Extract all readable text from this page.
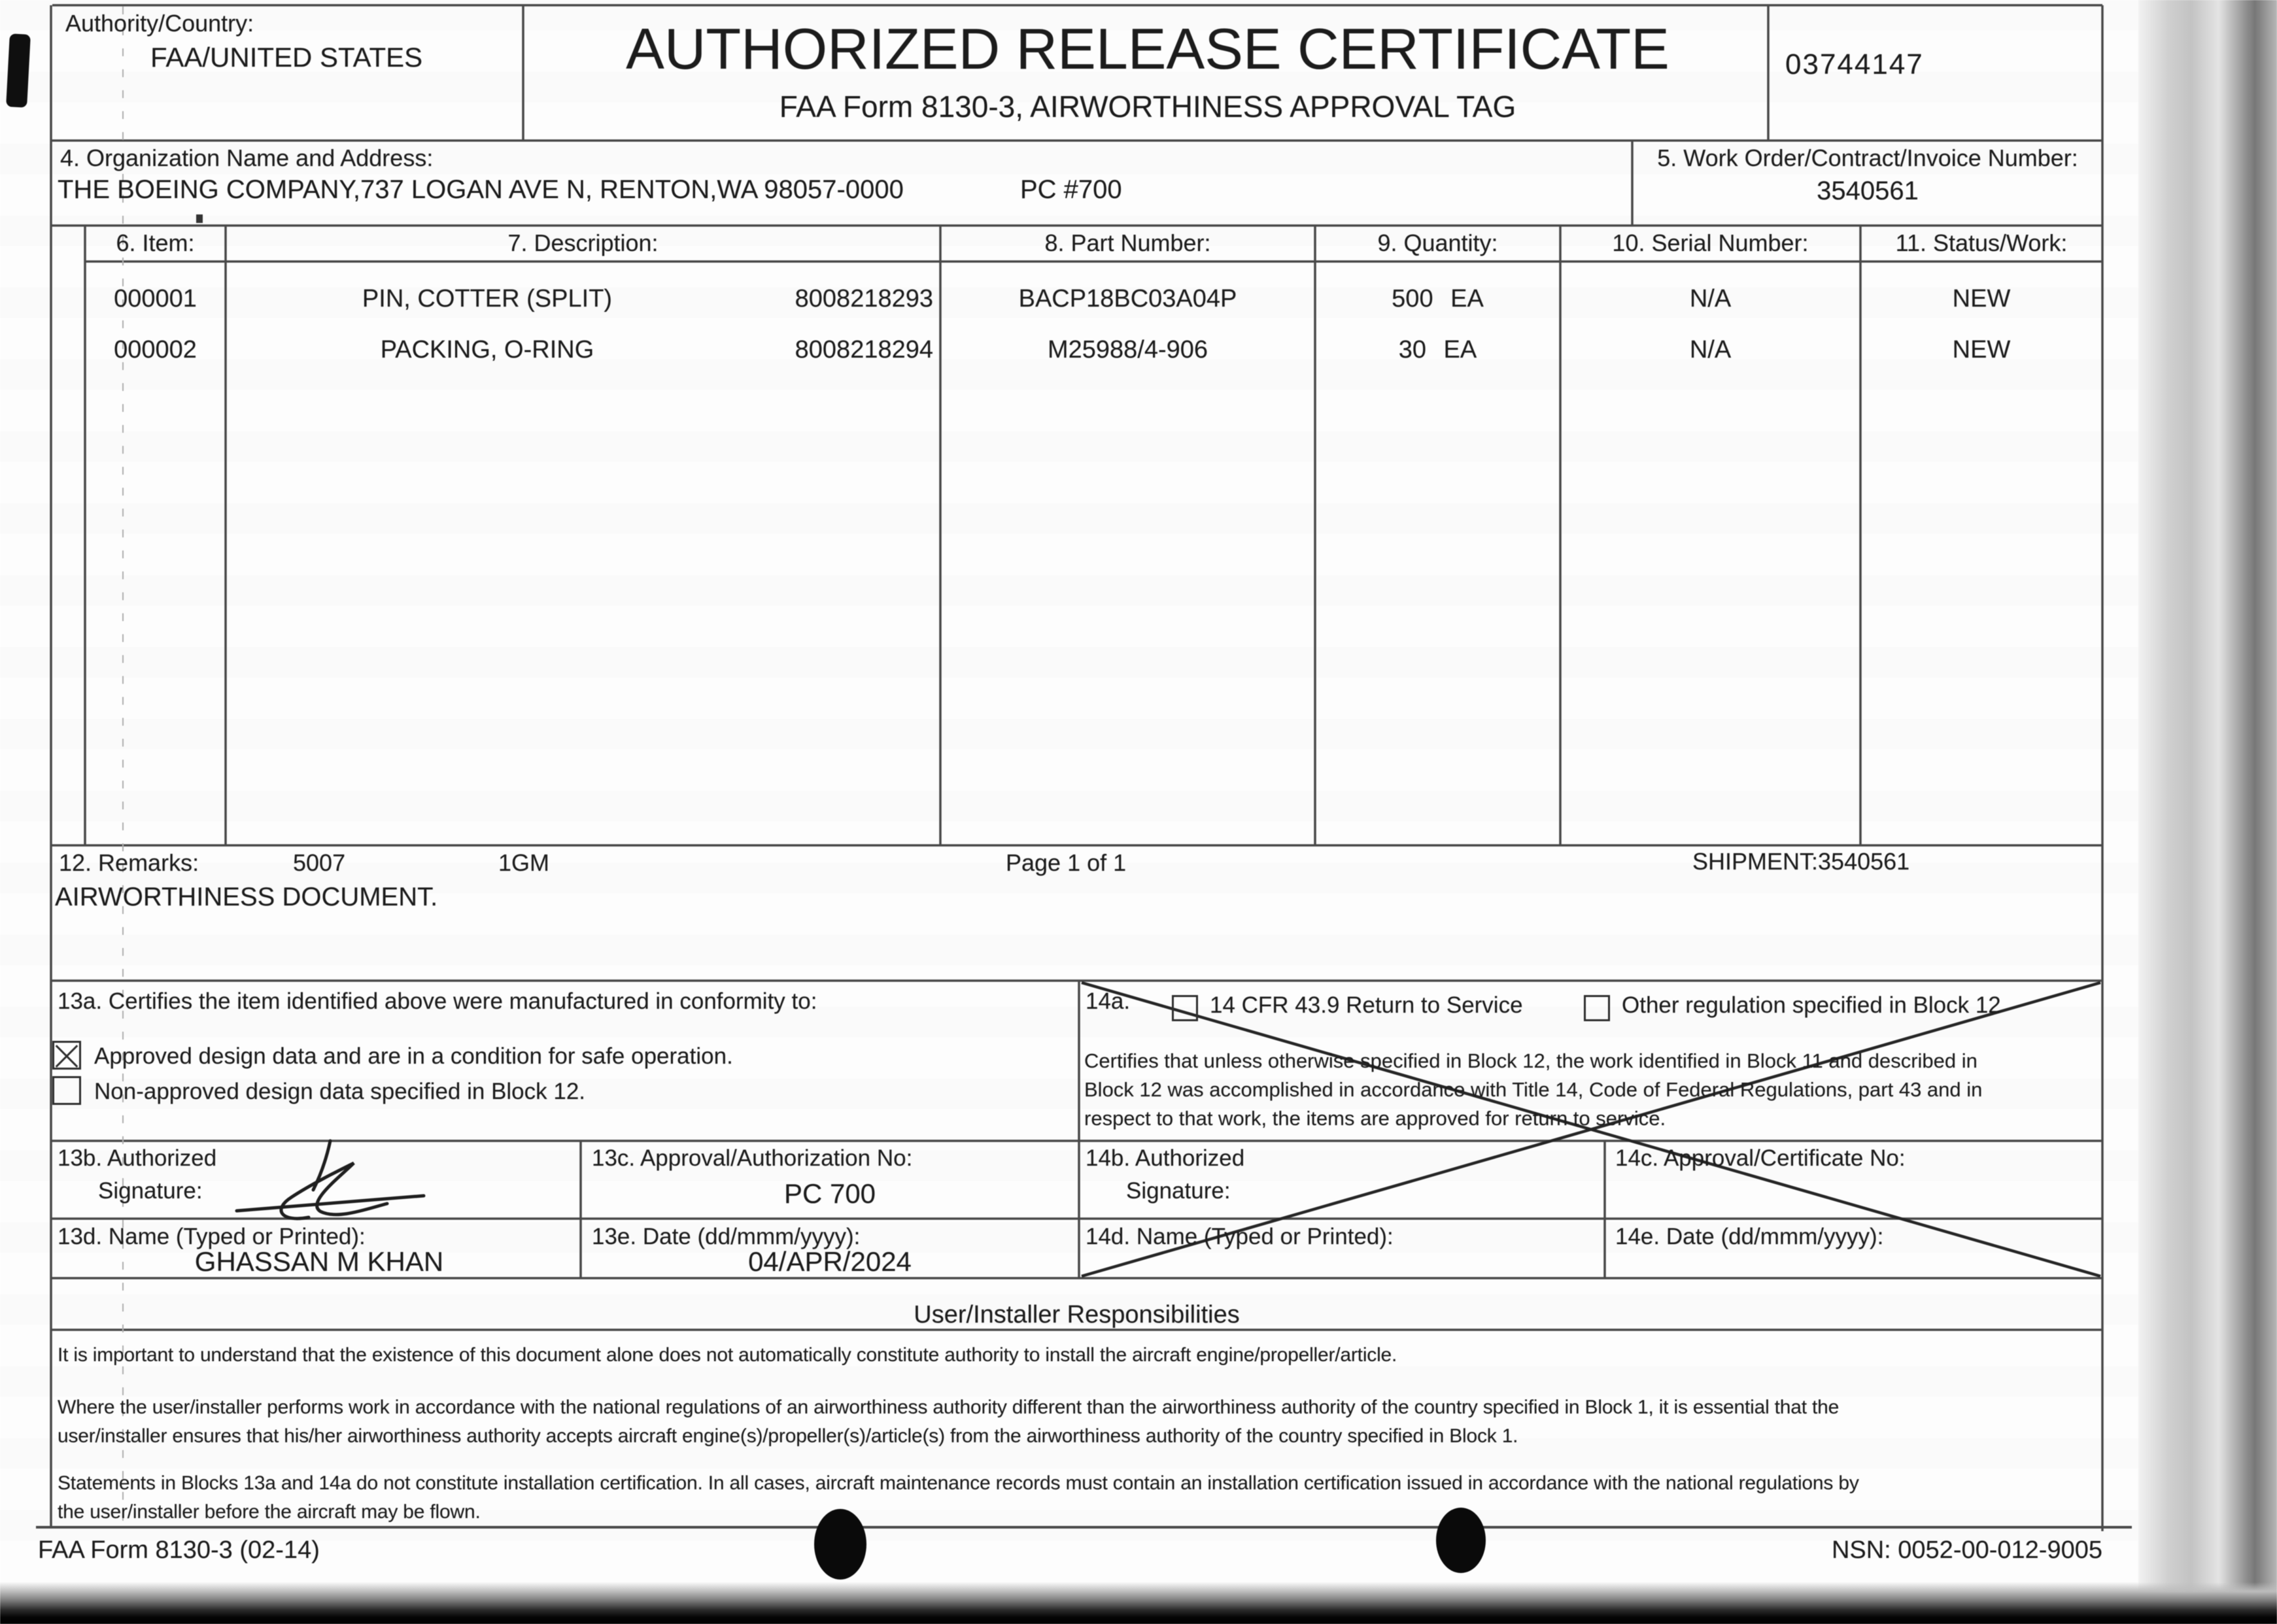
Authority/Country:
FAA/UNITED STATES	AUTHORIZED RELEASE CERTIFICATE
FAA Form 8130-3, AIRWORTHINESS APPROVAL TAG
03744147
4. Organization Name and Address:
THE BOEING COMPANY,737 LOGAN AVE N, RENTON,WA 98057-0000	PC #700
5. Work Order/Contract/Invoice Number:
3540561
6. Item:	7. Description:	8. Part Number:	9. Quantity:	10. Serial Number:	11. Status/Work:
000001	PIN, COTTER (SPLIT)	8008218293	BACP18BC03A04P	500 EA	N/A	NEW
000002	PACKING, O-RING	8008218294	M25988/4-906	30 EA	N/A	NEW
12. Remarks:	5007	1GM	Page 1 of 1	SHIPMENT:3540561
AIRWORTHINESS DOCUMENT.
13a. Certifies the item identified above were manufactured in conformity to:
Approved design data and are in a condition for safe operation.
Non-approved design data specified in Block 12.
14a.	14 CFR 43.9 Return to Service	Other regulation specified in Block 12
Certifies that unless otherwise specified in Block 12, the work identified in Block 11 and described in
Block 12 was accomplished in accordance with Title 14, Code of Federal Regulations, part 43 and in
respect to that work, the items are approved for return to service.
13b. Authorized
Signature:
13c. Approval/Authorization No:
PC 700
14b. Authorized
Signature:
14c. Approval/Certificate No:
13d. Name (Typed or Printed):
GHASSAN M KHAN
13e. Date (dd/mmm/yyyy):
04/APR/2024
14d. Name (Typed or Printed):	14e. Date (dd/mmm/yyyy):
User/Installer Responsibilities
It is important to understand that the existence of this document alone does not automatically constitute authority to install the aircraft engine/propeller/article.
Where the user/installer performs work in accordance with the national regulations of an airworthiness authority different than the airworthiness authority of the country specified in Block 1, it is essential that the
user/installer ensures that his/her airworthiness authority accepts aircraft engine(s)/propeller(s)/article(s) from the airworthiness authority of the country specified in Block 1.
Statements in Blocks 13a and 14a do not constitute installation certification. In all cases, aircraft maintenance records must contain an installation certification issued in accordance with the national regulations by
the user/installer before the aircraft may be flown.
FAA Form 8130-3 (02-14)	NSN: 0052-00-012-9005
